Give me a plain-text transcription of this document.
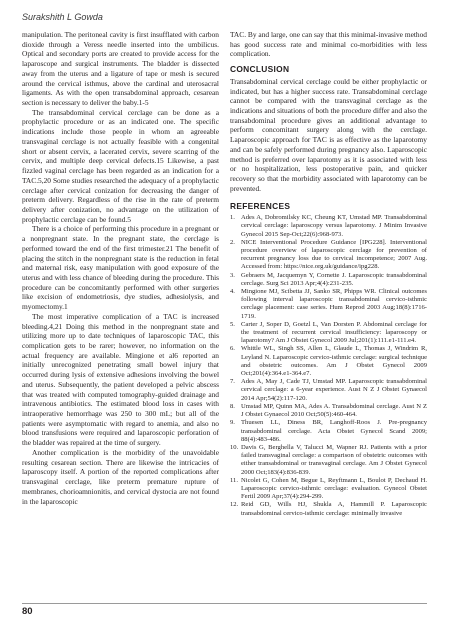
Surakshith L Gowda

manipulation. The peritoneal cavity is first insufflated with carbon dioxide through a Veress needle inserted into the umbilicus. Optical and secondary ports are created to provide access for the laparoscope and surgical instruments. The bladder is dissected away from the uterus and a ligature of tape or mesh is secured around the cervical isthmus, above the cardinal and uterosacral ligaments. As with the open transabdominal approach, cesarean section is necessary to deliver the baby.1-5

The transabdominal cervical cerclage can be done as a prophylactic procedure or as an indicated one. The specific indications include those people in whom an agreeable transvaginal cerclage is not actually feasible with a congenital short or absent cervix, a lacerated cervix, severe scarring of the cervix, and multiple deep cervical defects.15 Likewise, a past fizzled vaginal cerclage has been regarded as an indication for a TAC.5,20 Some studies researched the adequacy of a prophylactic cerclage after cervical conization for decreasing the danger of preterm delivery. Regardless of the rise in the rate of preterm delivery after conization, no advantage on the utilization of prophylactic cerclage can be found.5

There is a choice of performing this procedure in a pregnant or a nonpregnant state. In the pregnant state, the cerclage is performed toward the end of the first trimester.21 The benefit of placing the stitch in the nonpregnant state is the reduction in fetal and maternal risk, easy manipulation with good exposure of the uterus and with less chance of bleeding during the procedure. This procedure can be concomitantly performed with other surgeries like excision of endometriosis, dye studies, adhesiolysis, and myomectomy.1

The most imperative complication of a TAC is increased bleeding.4,21 Doing this method in the nonpregnant state and utilizing more up to date techniques of laparoscopic TAC, this complication gets to be rarer; however, no information on the actual frequency are available. Mingione et al6 reported an initially unrecognized penetrating small bowel injury that occurred during lysis of extensive adhesions involving the bowel and uterus. Subsequently, the patient developed a pelvic abscess that was treated with computed tomography-guided drainage and intravenous antibiotics. The estimated blood loss in cases with intraoperative hemorrhage was 250 to 300 mL; but all of the patients were asymptomatic with regard to anemia, and also no blood transfusions were required and laparoscopic perforation of the bladder was repaired at the time of surgery.

Another complication is the morbidity of the unavoidable resulting cesarean section. There are likewise the intricacies of laparoscopy itself. A portion of the reported complications after transvaginal cerclage, like preterm premature rupture of membranes, chorioamnionitis, and cervical dystocia are not found in the laparoscopic

TAC. By and large, one can say that this minimal-invasive method has good success rate and minimal co-morbidities with less complication.

CONCLUSION

Transabdominal cervical cerclage could be either prophylactic or indicated, but has a higher success rate. Transabdominal cerclage cannot be compared with the transvaginal cerclage as the indications and situations of both the procedure differ and also the transabdominal procedure gives an additional advantage to perform concomitant surgery along with the cerclage. Laparoscopic approach for TAC is as effective as the laparotomy and can be safely performed during pregnancy also. Laparoscopic method is preferred over laparotomy as it is associated with less or no hospitalization, less postoperative pain, and quicker recovery so that the morbidity associated with laparotomy can be prevented.

REFERENCES
1. Ades A, Dobromilsky KC, Cheung KT, Umstad MP. Transabdominal cervical cerclage: laparoscopy versus laparotomy. J Minim Invasive Gynecol 2015 Sep-Oct;22(6):968-973.
2. NICE Interventional Procedure Guidance [IPG228]. Interventional procedure overview of laparoscopic cerclage for prevention of recurrent pregnancy loss due to cervical incompetence; 2007 Aug. Accessed from: https://nice.org.uk/guidance/ipg228.
3. Gebraers M, Jacquemyn Y, Cornette J. Laparoscopic transabdominal cerclage. Surg Sci 2013 Apr;4(4):231-235.
4. Mingione MJ, Scibetta JJ, Sanko SR, Phipps WR. Clinical outcomes following interval laparoscopic transabdominal cervico-isthmic cerclage placement: case series. Hum Reprod 2003 Aug;18(8):1716-1719.
5. Carter J, Soper D, Goetzl L, Van Dorsten P. Abdominal cerclage for the treatment of recurrent cervical insufficiency: laparoscopy or laparotomy? Am J Obstet Gynecol 2009 Jul;201(1):111.e1-111.e4.
6. Whittle WL, Singh SS, Allen L, Glaude L, Thomas J, Windrim R, Leyland N. Laparoscopic cervico-isthmic cerclage: surgical technique and obstetric outcomes. Am J Obstet Gynecol 2009 Oct;201(4):364.e1-364.e7.
7. Ades A, May J, Cade TJ, Umstad MP. Laparoscopic transabdominal cervical cerclage: a 6-year experience. Aust N Z J Obstet Gynaecol 2014 Apr;54(2):117-120.
8. Umstad MP, Quinn MA, Ades A. Transabdominal cerclage. Aust N Z J Obstet Gynaecol 2010 Oct;50(5):460-464.
9. Thuesen LL, Diness BR, Langhoff-Roos J. Pre-pregnancy transabdominal cerclage. Acta Obstet Gynecol Scand 2009; 88(4):483-486.
10. Davis G, Berghella V, Talucci M, Wapner RJ. Patients with a prior failed transvaginal cerclage: a comparison of obstetric outcomes with either transabdominal or transvaginal cerclage. Am J Obstet Gynecol 2000 Oct;183(4):836-839.
11. Nicolet G, Cohen M, Begue L, Reyftmann L, Boulot P, Dechaud H. Laparoscopic cervico-isthmic cerclage: evaluation. Gynecol Obstet Fertil 2009 Apr;37(4):294-299.
12. Reid GD, Wills HJ, Shukla A, Hammill P. Laparoscopic transabdominal cervico-isthmic cerclage: minimally invasive
80
